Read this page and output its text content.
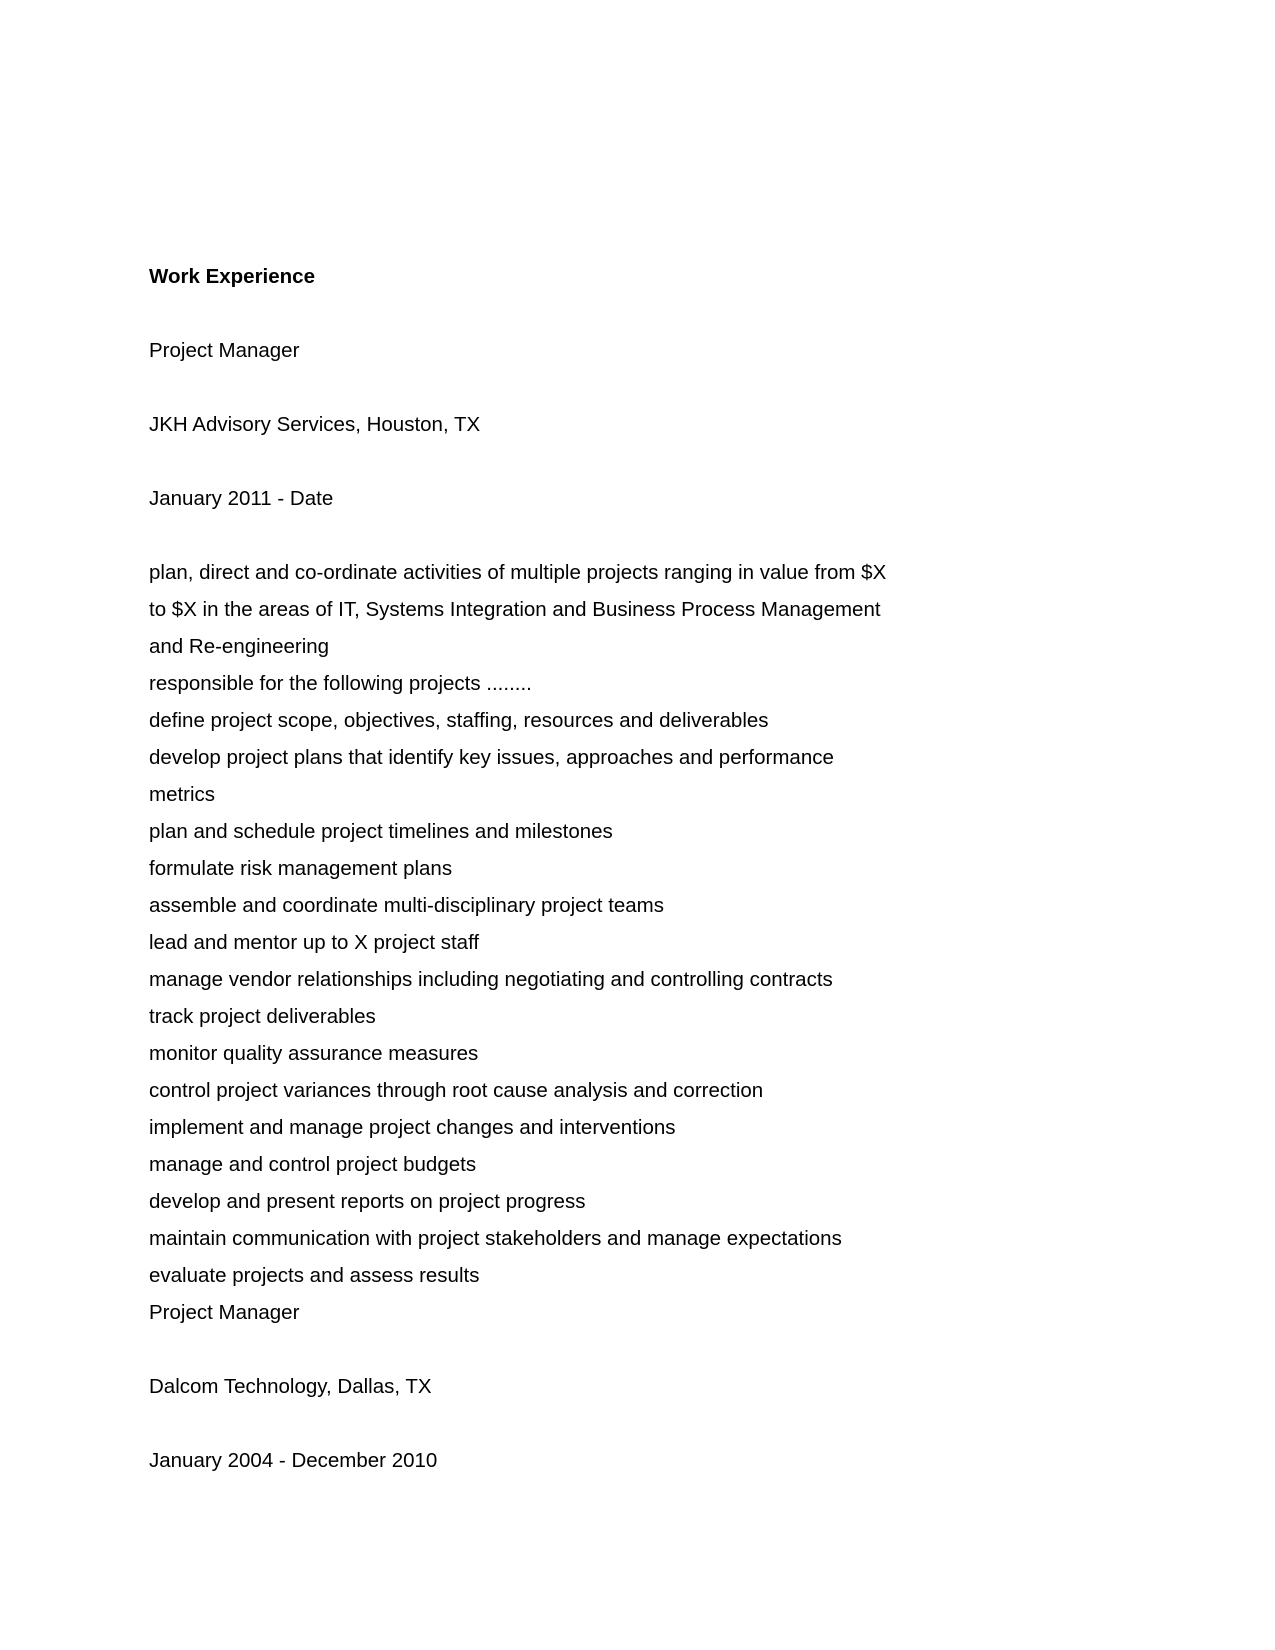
Work Experience
Project Manager
JKH Advisory Services, Houston, TX
January 2011 - Date
plan, direct and co-ordinate activities of multiple projects ranging in value from $X
to $X in the areas of IT, Systems Integration and Business Process Management
and Re-engineering
responsible for the following projects ........
define project scope, objectives, staffing, resources and deliverables
develop project plans that identify key issues, approaches and performance
metrics
plan and schedule project timelines and milestones
formulate risk management plans
assemble and coordinate multi-disciplinary project teams
lead and mentor up to X project staff
manage vendor relationships including negotiating and controlling contracts
track project deliverables
monitor quality assurance measures
control project variances through root cause analysis and correction
implement and manage project changes and interventions
manage and control project budgets
develop and present reports on project progress
maintain communication with project stakeholders and manage expectations
evaluate projects and assess results
Project Manager
Dalcom Technology, Dallas, TX
January 2004 - December 2010
